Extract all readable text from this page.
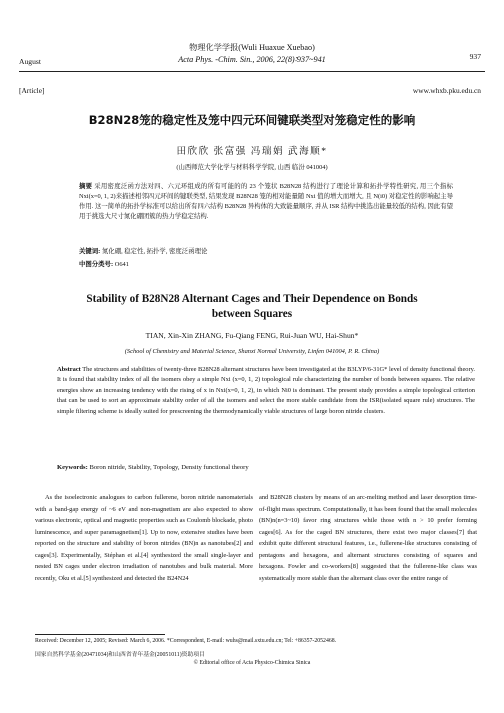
物理化学学报(Wuli Huaxue Xuebao)
Acta Phys. -Chim. Sin., 2006, 22(8)∶937~941
August
937
[Article]	www.whxb.pku.edu.cn
B28N28笼的稳定性及笼中四元环间键联类型对笼稳定性的影响
田欣欣 张富强 冯瑞娟 武海顺*
(山西师范大学化学与材料科学学院, 山西 临汾 041004)
摘要 采用密度泛函方法对四、六元环组成的所有可能的的 23 个笼状 B28N28 结构进行了理论计算和拓扑学特性研究, 用三个指标 Nxi(x=0, 1, 2)来描述相邻四元环间的键联类型, 结果发现 B28N28 笼的相对能量随 Nxi 值的增大而增大, 且 N(i0) 对稳定性的影响起主导作用. 这一简单的拓扑学标准可以给出所有四六结构 B28N28 异构体的大致能量顺序, 并从 ISR 结构中挑选出能量较低的结构, 因此有望用于挑选大尺寸氮化硼团簇的热力学稳定结构.
关键词: 氮化硼, 稳定性, 拓扑学, 密度泛函理论
中图分类号: O641
Stability of B28N28 Alternant Cages and Their Dependence on Bonds
between Squares
TIAN, Xin-Xin ZHANG, Fu-Qiang FENG, Rui-Juan WU, Hai-Shun*
(School of Chemistry and Material Science, Shanxi Normal University, Linfen 041004, P. R. China)
Abstract The structures and stabilities of twenty-three B28N28 alternant structures have been investigated at the B3LYP/6-31G* level of density functional theory. It is found that stability index of all the isomers obey a simple Nxi (x=0, 1, 2) topological rule characterizing the number of bonds between squares. The relative energies show an increasing tendency with the rising of x in Nxi(x=0, 1, 2), in which Ni0 is dominant. The present study provides a simple topological criterion that can be used to sort an approximate stability order of all the isomers and select the more stable candidate from the ISR(isolated square rule) structures. The simple filtering scheme is ideally suited for prescreening the thermodynamically viable structures of large boron nitride clusters.
Keywords: Boron nitride, Stability, Topology, Density functional theory

As the isoelectronic analogues to carbon fullerene, boron nitride nanomaterials with a band-gap energy of ~6 eV and non-magnetism are also expected to show various electronic, optical and magnetic properties such as Coulomb blockade, photo luminescence, and super paramagnetism[1]. Up to now, extensive studies have been reported on the structure and stability of boron nitrides (BN)n as nanotubes[2] and cages[3]. Experimentally, Stéphan et al.[4] synthesized the small single-layer and nested BN cages under electron irradiation of nanotubes and bulk material. More recently, Oku et al.[5] synthesized and detected the B24N24

and B28N28 clusters by means of an arc-melting method and laser desorption time-of-flight mass spectrum. Computationally, it has been found that the small molecules (BN)n(n=3~10) favor ring structures while those with n > 10 prefer forming cages[6]. As for the caged BN structures, there exist two major classes[7] that exhibit quite different structural features, i.e., fullerene-like structures consisting of pentagons and hexagons, and alternant structures consisting of squares and hexagons. Fowler and co-workers[8] suggested that the fullerene-like class was systematically more stable than the alternant class over the entire range of

Received: December 12, 2005; Revised: March 6, 2006. *Correspondent, E-mail: wuhs@mail.sxtu.edu.cn; Tel: +86357-2052468.
国家自然科学基金(20471034)和山西省青年基金(20051011)资助项目
© Editorial office of Acta Physico-Chimica Sinica
